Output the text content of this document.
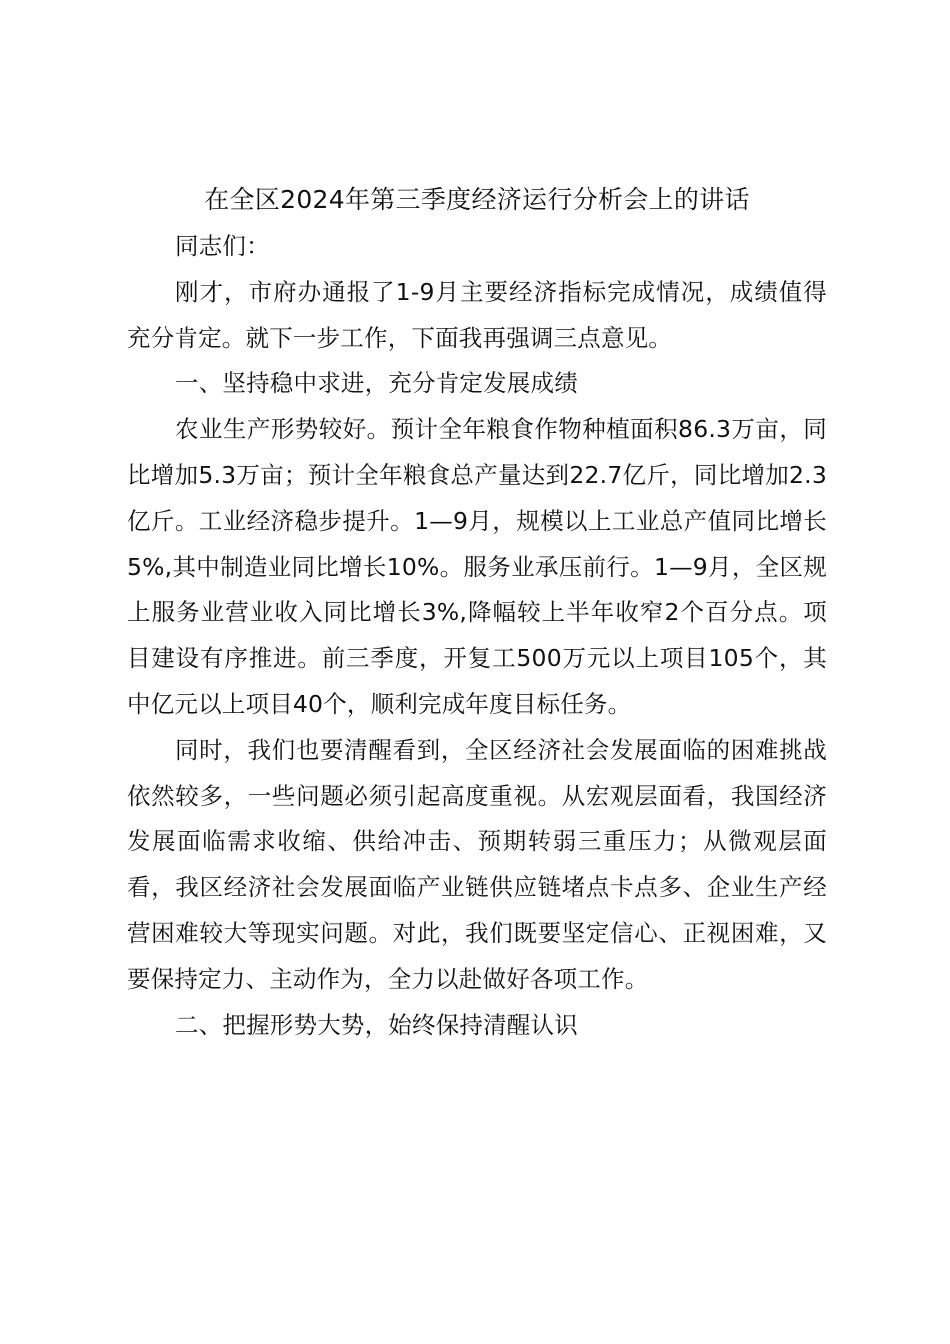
在全区2024年第三季度经济运行分析会上的讲话

同志们：

刚才，市府办通报了1-9月主要经济指标完成情况，成绩值得充分肯定。就下一步工作，下面我再强调三点意见。

一、坚持稳中求进，充分肯定发展成绩

农业生产形势较好。预计全年粮食作物种植面积86.3万亩，同比增加5.3万亩；预计全年粮食总产量达到22.7亿斤，同比增加2.3亿斤。工业经济稳步提升。1—9月，规模以上工业总产值同比增长5%,其中制造业同比增长10%。服务业承压前行。1—9月，全区规上服务业营业收入同比增长3%,降幅较上半年收窄2个百分点。项目建设有序推进。前三季度，开复工500万元以上项目105个，其中亿元以上项目40个，顺利完成年度目标任务。

同时，我们也要清醒看到，全区经济社会发展面临的困难挑战依然较多，一些问题必须引起高度重视。从宏观层面看，我国经济发展面临需求收缩、供给冲击、预期转弱三重压力；从微观层面看，我区经济社会发展面临产业链供应链堵点卡点多、企业生产经营困难较大等现实问题。对此，我们既要坚定信心、正视困难，又要保持定力、主动作为，全力以赴做好各项工作。

二、把握形势大势，始终保持清醒认识
